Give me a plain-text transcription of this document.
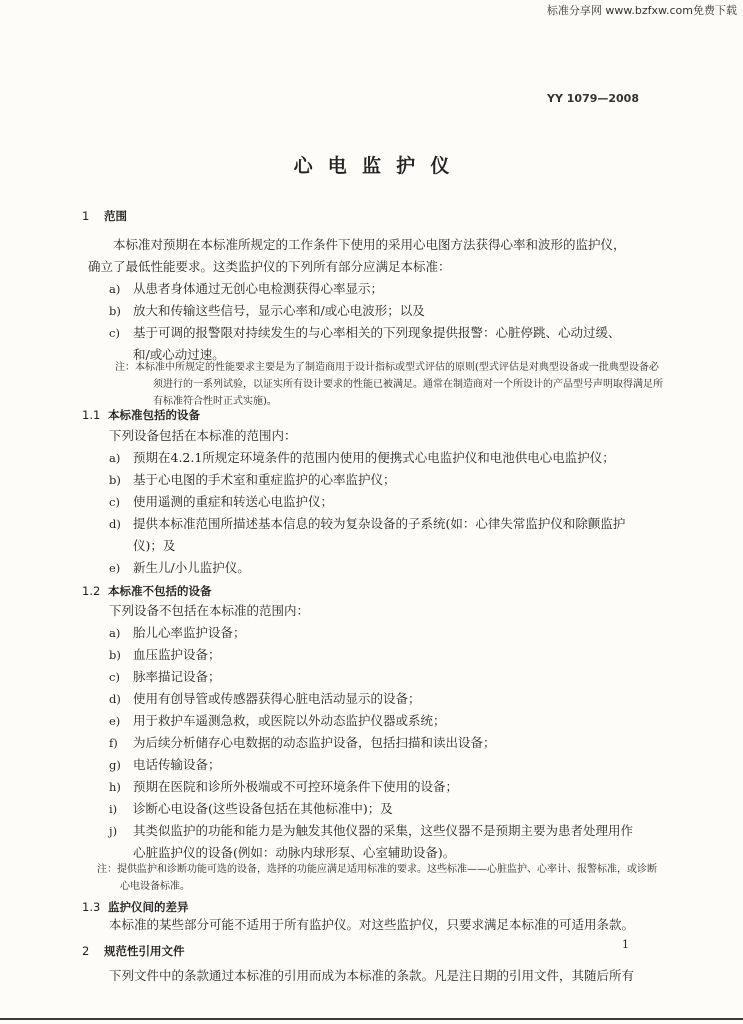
标准分享网 www.bzfxw.com免费下载
YY 1079—2008
心电监护仪
1 范围
本标准对预期在本标准所规定的工作条件下使用的采用心电图方法获得心率和波形的监护仪，确立了最低性能要求。这类监护仪的下列所有部分应满足本标准：
a) 从患者身体通过无创心电检测获得心率显示；
b) 放大和传输这些信号，显示心率和/或心电波形；以及
c) 基于可调的报警限对持续发生的与心率相关的下列现象提供报警：心脏停跳、心动过缓、和/或心动过速。
注：本标准中所规定的性能要求主要是为了制造商用于设计指标或型式评估的原则(型式评估是对典型设备或一批典型设备必须进行的一系列试验，以证实所有设计要求的性能已被满足。通常在制造商对一个所设计的产品型号声明取得满足所有标准符合性时正式实施)。
1.1 本标准包括的设备
下列设备包括在本标准的范围内：
a) 预期在4.2.1所规定环境条件的范围内使用的便携式心电监护仪和电池供电心电监护仪；
b) 基于心电图的手术室和重症监护的心率监护仪；
c) 使用遥测的重症和转送心电监护仪；
d) 提供本标准范围所描述基本信息的较为复杂设备的子系统(如：心律失常监护仪和除颤监护仪)；及
e) 新生儿/小儿监护仪。
1.2 本标准不包括的设备
下列设备不包括在本标准的范围内：
a) 胎儿心率监护设备；
b) 血压监护设备；
c) 脉率描记设备；
d) 使用有创导管或传感器获得心脏电活动显示的设备；
e) 用于救护车遥测急救，或医院以外动态监护仪器或系统；
f) 为后续分析储存心电数据的动态监护设备，包括扫描和读出设备；
g) 电话传输设备；
h) 预期在医院和诊所外极端或不可控环境条件下使用的设备；
i) 诊断心电设备(这些设备包括在其他标准中)；及
j) 其类似监护的功能和能力是为触发其他仪器的采集，这些仪器不是预期主要为患者处理用作心脏监护仪的设备(例如：动脉内球形泵、心室辅助设备)。
注：提供监护和诊断功能可选的设备，选择的功能应满足适用标准的要求。这些标准——心脏监护、心率计、报警标准，或诊断心电设备标准。
1.3 监护仪间的差异
本标准的某些部分可能不适用于所有监护仪。对这些监护仪，只要求满足本标准的可适用条款。
2 规范性引用文件
下列文件中的条款通过本标准的引用而成为本标准的条款。凡是注日期的引用文件，其随后所有
1
